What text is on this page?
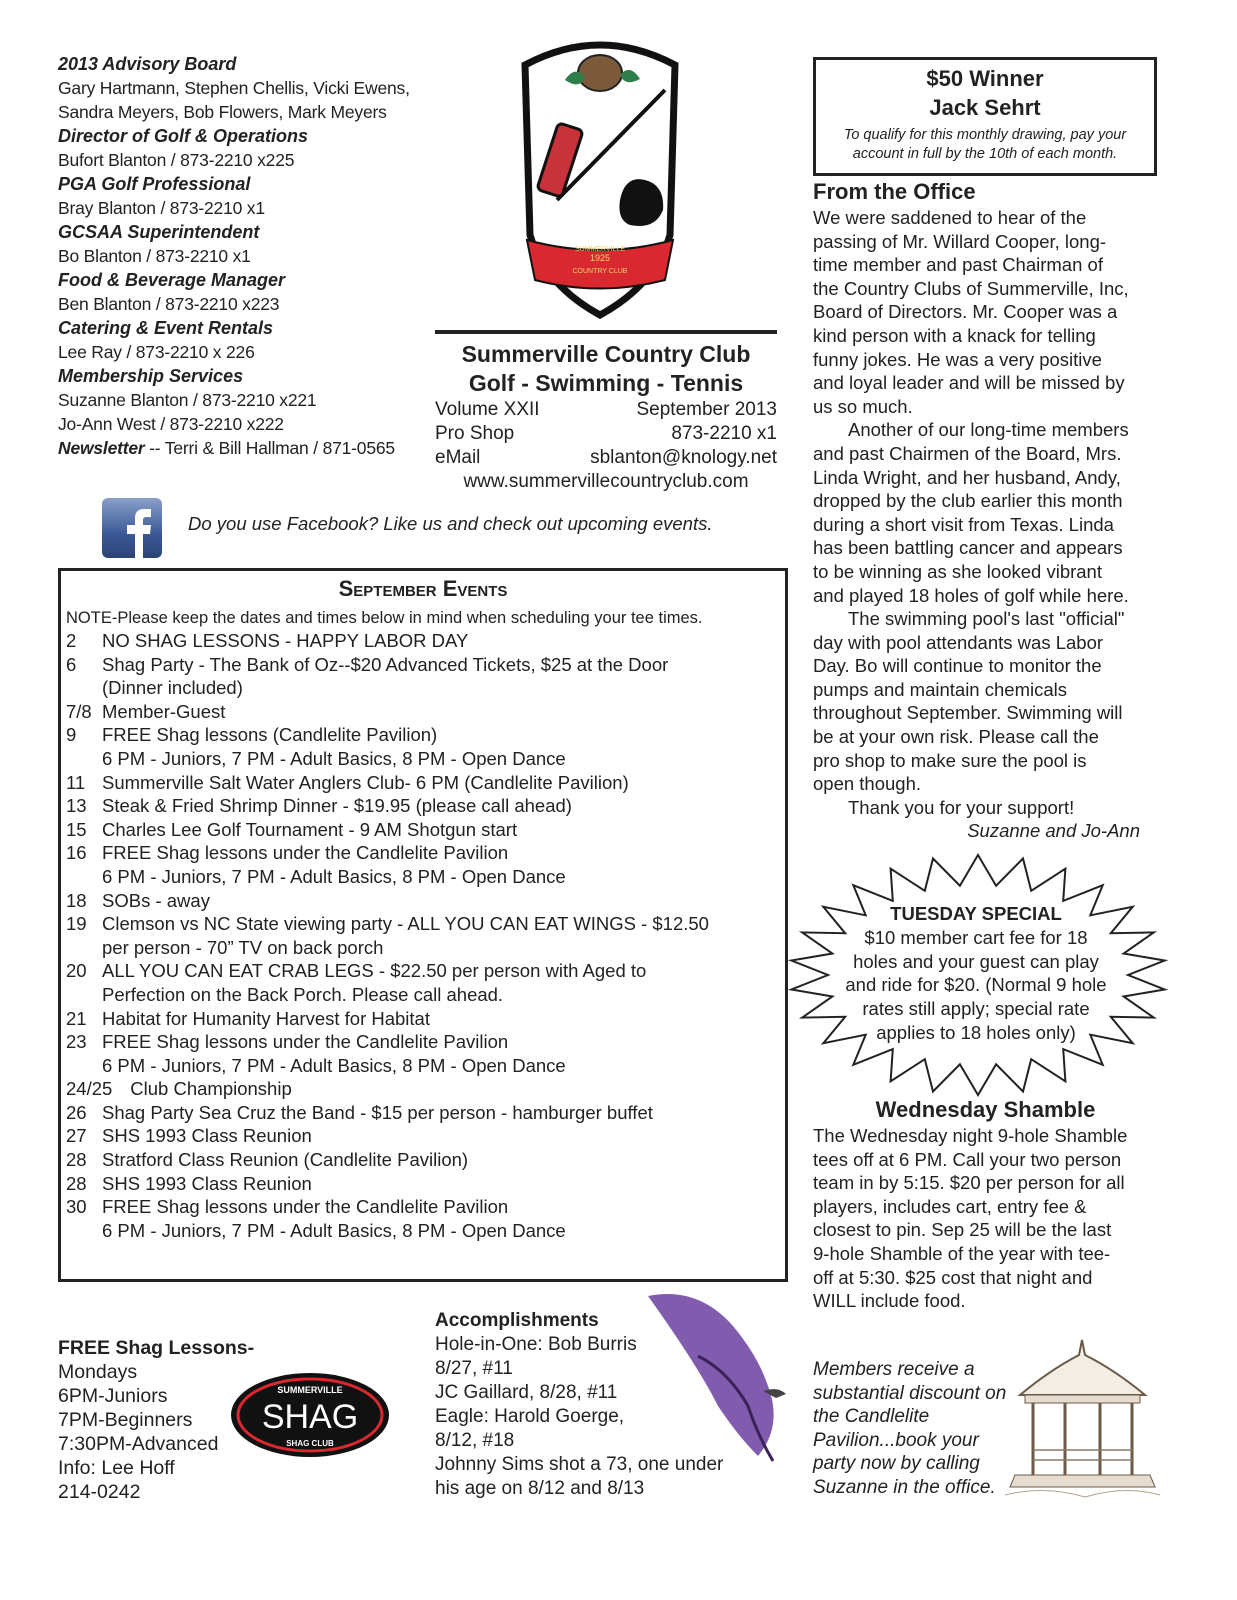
2013 Advisory Board
Gary Hartmann, Stephen Chellis, Vicki Ewens,
Sandra Meyers, Bob Flowers, Mark Meyers
Director of Golf & Operations
Bufort Blanton / 873-2210 x225
PGA Golf Professional
Bray Blanton / 873-2210 x1
GCSAA Superintendent
Bo Blanton / 873-2210 x1
Food & Beverage Manager
Ben Blanton / 873-2210 x223
Catering & Event Rentals
Lee Ray / 873-2210 x 226
Membership Services
Suzanne Blanton / 873-2210 x221
Jo-Ann West / 873-2210 x222
Newsletter -- Terri & Bill Hallman / 871-0565
1925
COUNTRY CLUB
SUMMERVILLE
Summerville Country Club
Golf - Swimming - Tennis
Volume XXII	September 2013
Pro Shop	873-2210 x1
eMail	sblanton@knology.net
www.summervillecountryclub.com
$50 Winner
Jack Sehrt
To qualify for this monthly drawing, pay your
account in full by the 10th of each month.
From the Office
We were saddened to hear of the
passing of Mr. Willard Cooper, long-
time member and past Chairman of
the Country Clubs of Summerville, Inc,
Board of Directors. Mr. Cooper was a
kind person with a knack for telling
funny jokes. He was a very positive
and loyal leader and will be missed by
us so much.
Another of our long-time members
and past Chairmen of the Board, Mrs.
Linda Wright, and her husband, Andy,
dropped by the club earlier this month
during a short visit from Texas. Linda
has been battling cancer and appears
to be winning as she looked vibrant
and played 18 holes of golf while here.
The swimming pool's last "official"
day with pool attendants was Labor
Day. Bo will continue to monitor the
pumps and maintain chemicals
throughout September. Swimming will
be at your own risk. Please call the
pro shop to make sure the pool is
open though.
Thank you for your support!
Suzanne and Jo-Ann
Do you use Facebook? Like us and check out upcoming events.
September Events
NOTE-Please keep the dates and times below in mind when scheduling your tee times.
2	NO SHAG LESSONS - HAPPY LABOR DAY
6	Shag Party - The Bank of Oz--$20 Advanced Tickets, $25 at the Door
(Dinner included)
7/8 Member-Guest
9	FREE Shag lessons (Candlelite Pavilion)
6 PM - Juniors, 7 PM - Adult Basics, 8 PM - Open Dance
11 Summerville Salt Water Anglers Club- 6 PM (Candlelite Pavilion)
13 Steak & Fried Shrimp Dinner - $19.95 (please call ahead)
15 Charles Lee Golf Tournament - 9 AM Shotgun start
16 FREE Shag lessons under the Candlelite Pavilion
6 PM - Juniors, 7 PM - Adult Basics, 8 PM - Open Dance
18 SOBs - away
19 Clemson vs NC State viewing party - ALL YOU CAN EAT WINGS - $12.50
per person - 70” TV on back porch
20 ALL YOU CAN EAT CRAB LEGS - $22.50 per person with Aged to
Perfection on the Back Porch. Please call ahead.
21 Habitat for Humanity Harvest for Habitat
23 FREE Shag lessons under the Candlelite Pavilion
6 PM - Juniors, 7 PM - Adult Basics, 8 PM - Open Dance
24/25 Club Championship
26 Shag Party Sea Cruz the Band - $15 per person - hamburger buffet
27 SHS 1993 Class Reunion
28 Stratford Class Reunion (Candlelite Pavilion)
28 SHS 1993 Class Reunion
30 FREE Shag lessons under the Candlelite Pavilion
6 PM - Juniors, 7 PM - Adult Basics, 8 PM - Open Dance
TUESDAY SPECIAL
$10 member cart fee for 18
holes and your guest can play
and ride for $20. (Normal 9 hole
rates still apply; special rate
applies to 18 holes only)
Wednesday Shamble
The Wednesday night 9-hole Shamble
tees off at 6 PM. Call your two person
team in by 5:15. $20 per person for all
players, includes cart, entry fee &
closest to pin. Sep 25 will be the last
9-hole Shamble of the year with tee-
off at 5:30. $25 cost that night and
WILL include food.
FREE Shag Lessons-
Mondays
6PM-Juniors
7PM-Beginners
7:30PM-Advanced
Info: Lee Hoff
214-0242
SUMMERVILLE
SHAG
SHAG CLUB
Accomplishments
Hole-in-One: Bob Burris
8/27, #11
JC Gaillard, 8/28, #11
Eagle: Harold Goerge,
8/12, #18
Johnny Sims shot a 73, one under
his age on 8/12 and 8/13
Members receive a
substantial discount on
the Candlelite
Pavilion...book your
party now by calling
Suzanne in the office.
